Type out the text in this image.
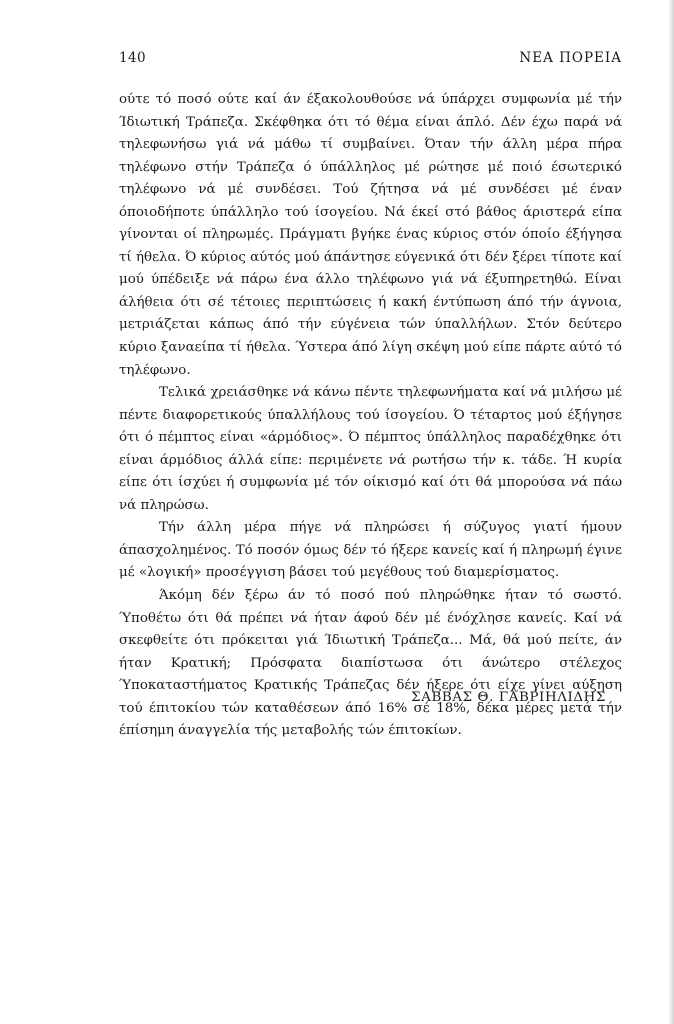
140	ΝΕΑ ΠΟΡΕΙΑ

ούτε τό ποσό ούτε καί άν έξακολουθούσε νά ύπάρχει συμφωνία μέ τήν Ίδιωτική Τράπεζα. Σκέφθηκα ότι τό θέμα είναι άπλό. Δέν έχω παρά νά τηλεφωνήσω γιά νά μάθω τί συμβαίνει. Όταν τήν άλλη μέρα πήρα τηλέφωνο στήν Τράπεζα ό ύπάλληλος μέ ρώτησε μέ ποιό έσωτερικό τηλέφωνο νά μέ συνδέσει. Τού ζήτησα νά μέ συνδέσει μέ έναν όποιοδήποτε ύπάλληλο τού ίσογείου. Νά έκεί στό βάθος άριστερά είπα γίνονται οί πληρωμές. Πράγματι βγήκε ένας κύριος στόν όποίο έξήγησα τί ήθελα. Ό κύριος αύτός μού άπάντησε εύγενικά ότι δέν ξέρει τίποτε καί μού ύπέδειξε νά πάρω ένα άλλο τηλέφωνο γιά νά έξυπηρετηθώ. Είναι άλήθεια ότι σέ τέτοιες περιπτώσεις ή κακή έντύπωση άπό τήν άγνοια, μετριάζεται κάπως άπό τήν εύγένεια τών ύπαλλήλων. Στόν δεύτερο κύριο ξαναείπα τί ήθελα. Ύστερα άπό λίγη σκέψη μού είπε πάρτε αύτό τό τηλέφωνο.

Τελικά χρειάσθηκε νά κάνω πέντε τηλεφωνήματα καί νά μιλήσω μέ πέντε διαφορετικούς ύπαλλήλους τού ίσογείου. Ό τέταρτος μού έξήγησε ότι ό πέμπτος είναι «άρμόδιος». Ό πέμπτος ύπάλληλος παραδέχθηκε ότι είναι άρμόδιος άλλά είπε: περιμένετε νά ρωτήσω τήν κ. τάδε. Ή κυρία είπε ότι ίσχύει ή συμφωνία μέ τόν οίκισμό καί ότι θά μπορούσα νά πάω νά πληρώσω.

Τήν άλλη μέρα πήγε νά πληρώσει ή σύζυγος γιατί ήμουν άπασχολημένος. Τό ποσόν όμως δέν τό ήξερε κανείς καί ή πληρωμή έγινε μέ «λογική» προσέγγιση βάσει τού μεγέθους τού διαμερίσματος.

Άκόμη δέν ξέρω άν τό ποσό πού πληρώθηκε ήταν τό σωστό. Ύποθέτω ότι θά πρέπει νά ήταν άφού δέν μέ ένόχλησε κανείς. Καί νά σκεφθείτε ότι πρόκειται γιά Ίδιωτική Τράπεζα... Μά, θά μού πείτε, άν ήταν Κρατική; Πρόσφατα διαπίστωσα ότι άνώτερο στέλεχος Ύποκαταστήματος Κρατικής Τράπεζας δέν ήξερε ότι είχε γίνει αύξηση τού έπιτοκίου τών καταθέσεων άπό 16% σέ 18%, δέκα μέρες μετά τήν έπίσημη άναγγελία τής μεταβολής τών έπιτοκίων.

ΣΑΒΒΑΣ Θ. ΓΑΒΡΙΗΛΙΔΗΣ
